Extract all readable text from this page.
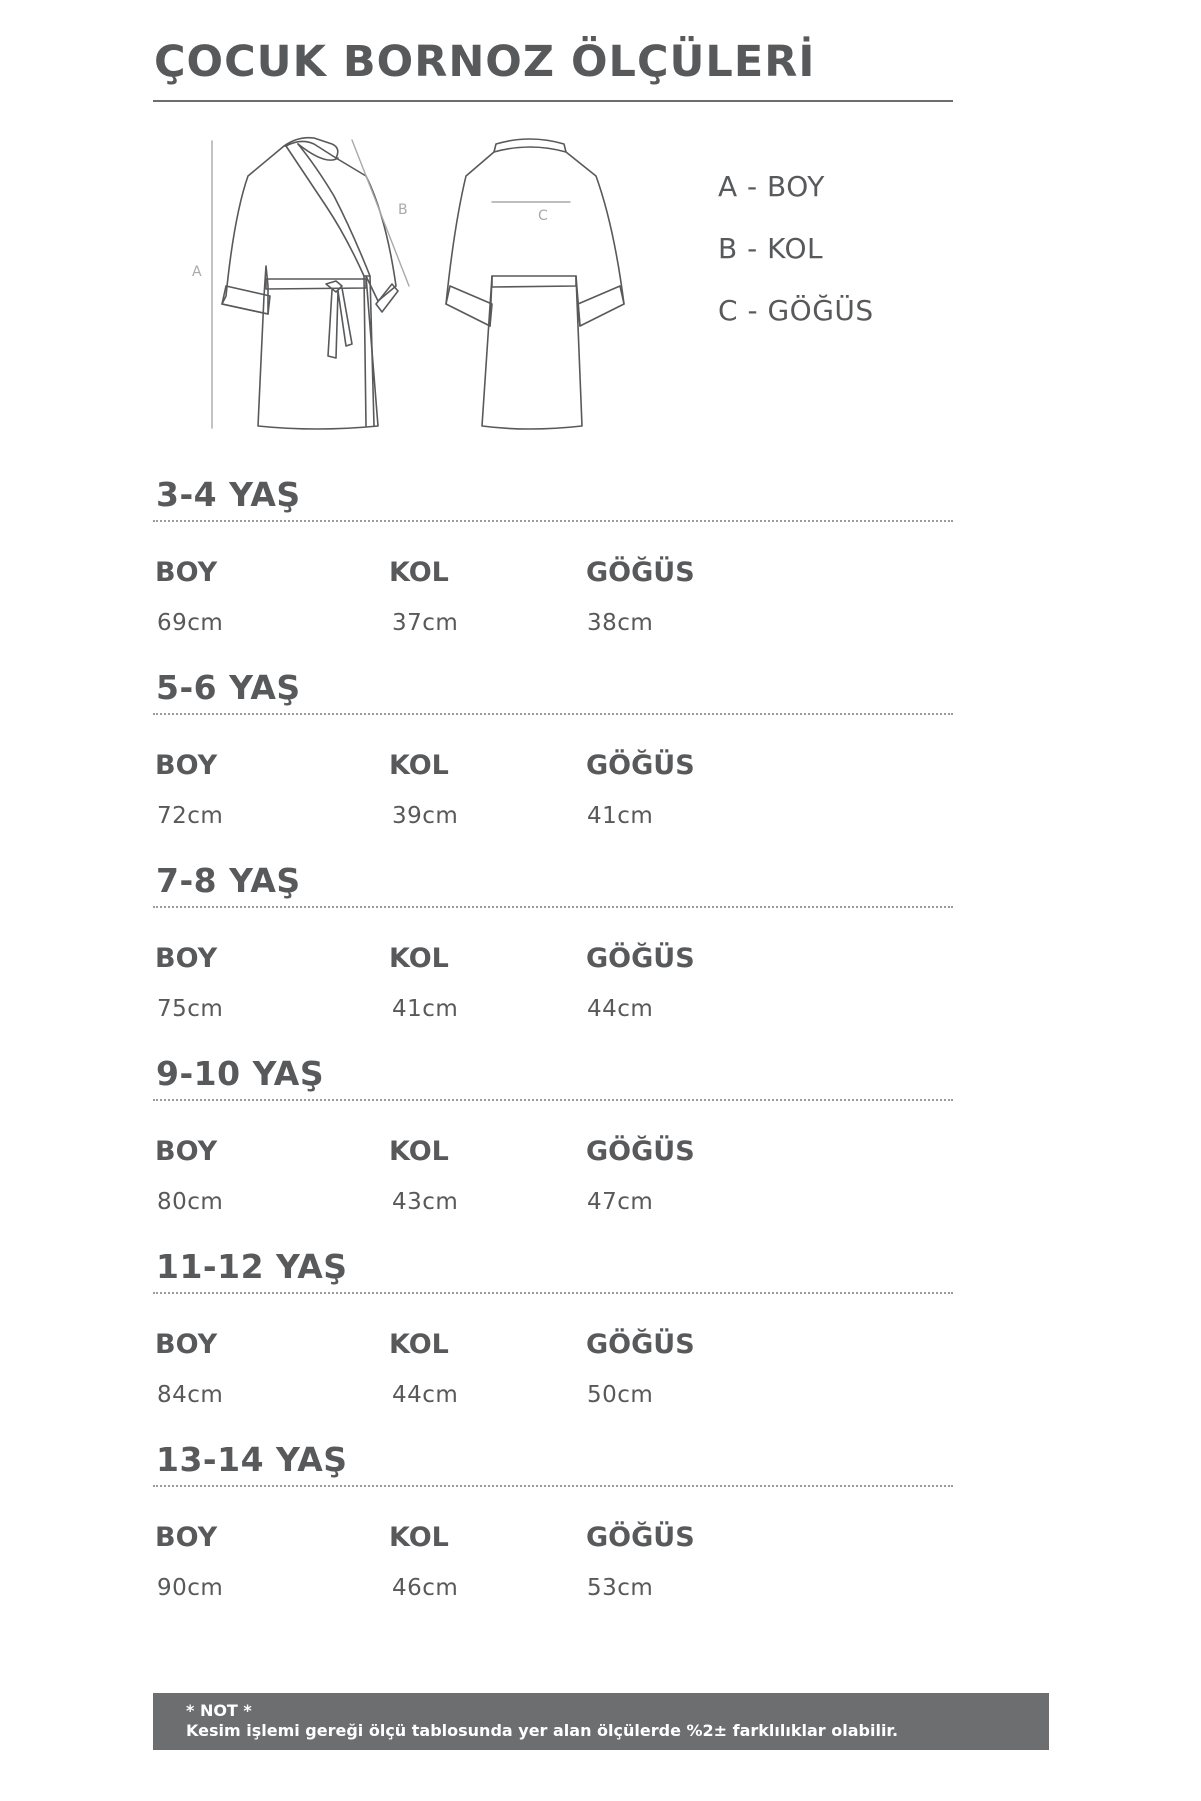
ÇOCUK BORNOZ ÖLÇÜLERİ
A
B	C
A - BOY
B - KOL
C - GÖĞÜS
3-4 YAŞ
BOY	KOL	GÖĞÜS
69cm	37cm	38cm
5-6 YAŞ
BOY	KOL	GÖĞÜS
72cm	39cm	41cm
7-8 YAŞ
BOY	KOL	GÖĞÜS
75cm	41cm	44cm
9-10 YAŞ
BOY	KOL	GÖĞÜS
80cm	43cm	47cm
11-12 YAŞ
BOY	KOL	GÖĞÜS
84cm	44cm	50cm
13-14 YAŞ
BOY	KOL	GÖĞÜS
90cm	46cm	53cm
* NOT *
Kesim işlemi gereği ölçü tablosunda yer alan ölçülerde %2± farklılıklar olabilir.
